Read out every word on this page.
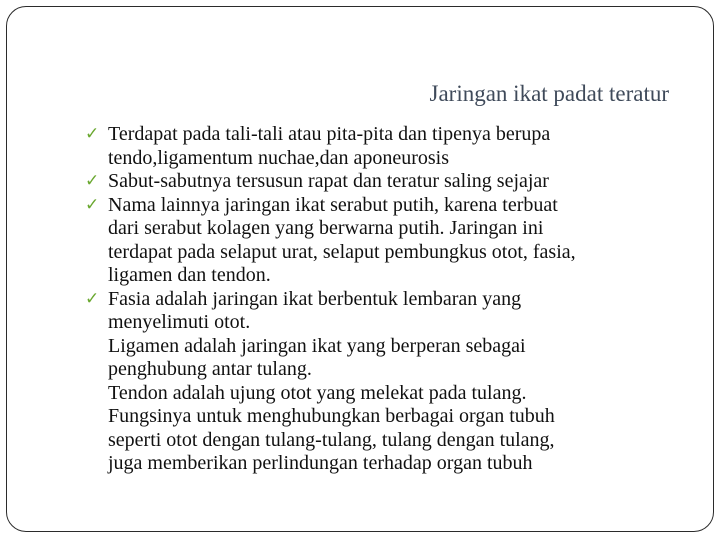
Jaringan ikat padat teratur
✓ Terdapat pada tali-tali atau pita-pita dan tipenya berupa
tendo,ligamentum nuchae,dan aponeurosis
✓ Sabut-sabutnya tersusun rapat dan teratur saling sejajar
✓ Nama lainnya jaringan ikat serabut putih, karena terbuat
dari serabut kolagen yang berwarna putih. Jaringan ini
terdapat pada selaput urat, selaput pembungkus otot, fasia,
ligamen dan tendon.
✓ Fasia adalah jaringan ikat berbentuk lembaran yang
menyelimuti otot.
Ligamen adalah jaringan ikat yang berperan sebagai
penghubung antar tulang.
Tendon adalah ujung otot yang melekat pada tulang.
Fungsinya untuk menghubungkan berbagai organ tubuh
seperti otot dengan tulang-tulang, tulang dengan tulang,
juga memberikan perlindungan terhadap organ tubuh
